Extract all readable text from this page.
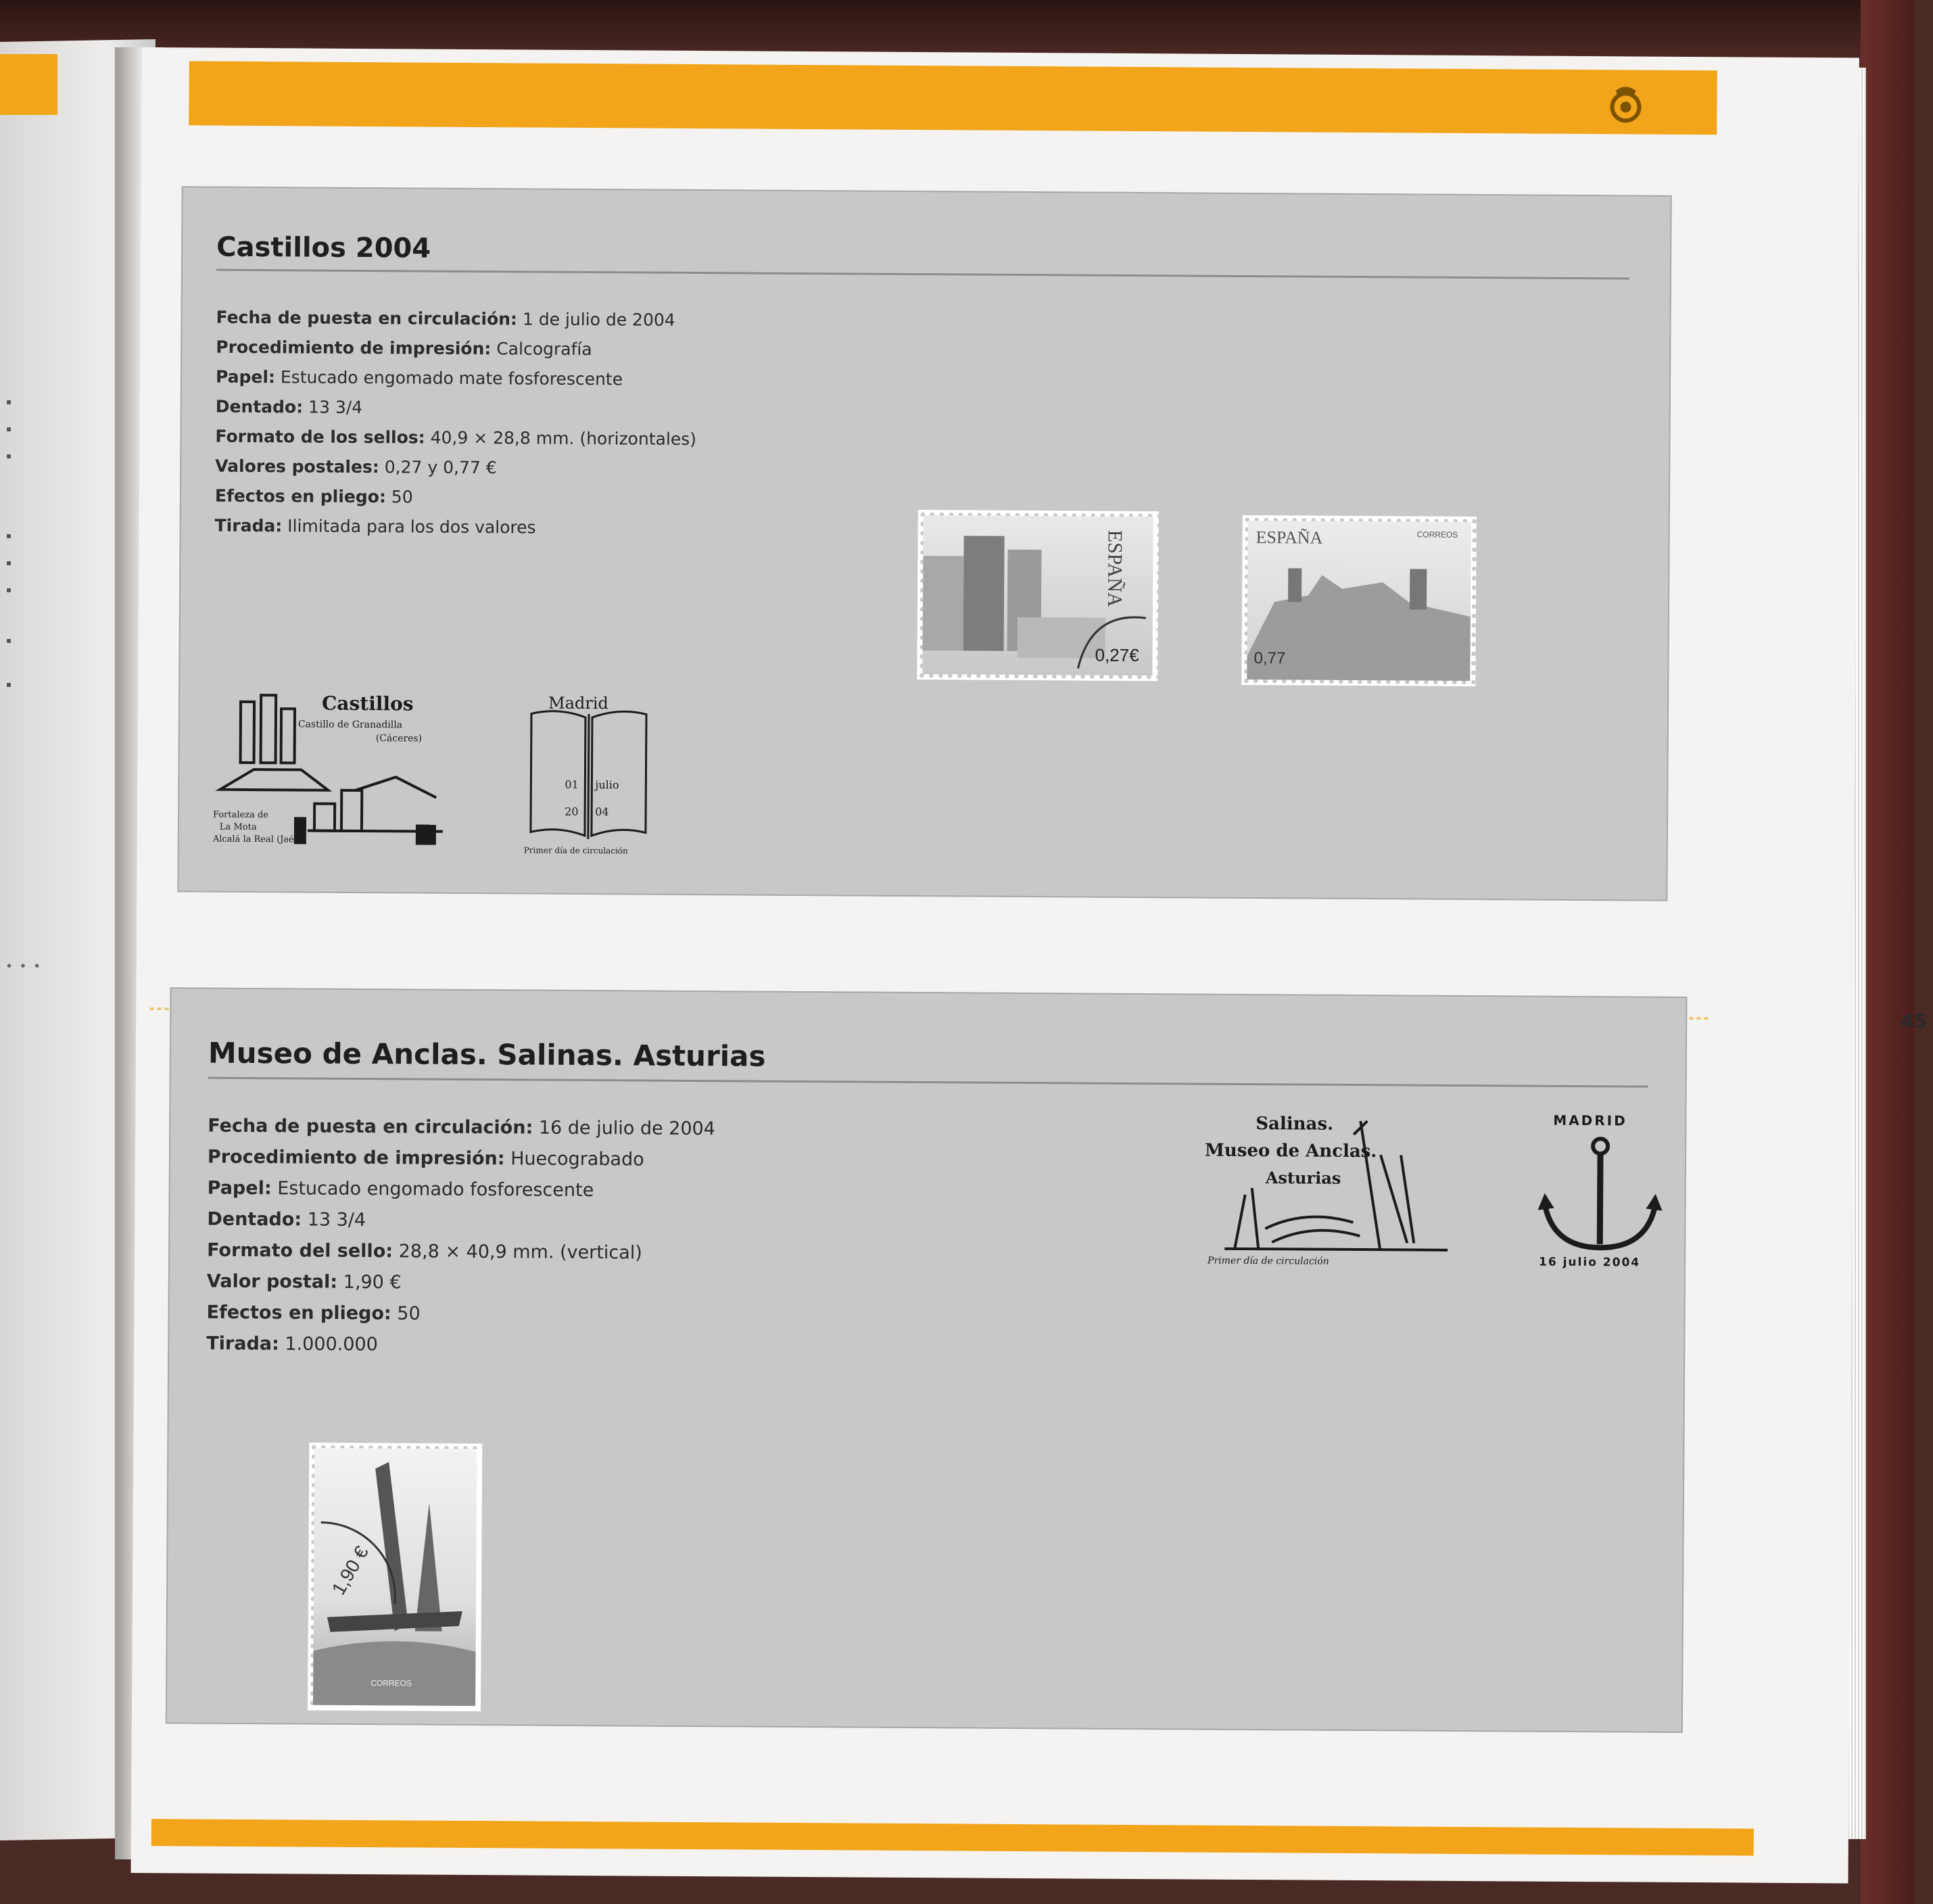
• • •
Castillos 2004
Fecha de puesta en circulación: 1 de julio de 2004
Procedimiento de impresión: Calcografía
Papel: Estucado engomado mate fosforescente
Dentado: 13 3/4
Formato de los sellos: 40,9 × 28,8 mm. (horizontales)
Valores postales: 0,27 y 0,77 €
Efectos en pliego: 50
Tirada: Ilimitada para los dos valores
Castillos
Castillo de Granadilla
(Cáceres)
Fortaleza de
La Mota
Alcalá la Real (Jaén)
Madrid
01 julio
20 04
Primer día de circulación
ESPAÑA
0,27€
ESPAÑA	CORREOS
0,77
45
Museo de Anclas. Salinas. Asturias
Fecha de puesta en circulación: 16 de julio de 2004
Procedimiento de impresión: Huecograbado
Papel: Estucado engomado fosforescente
Dentado: 13 3/4
Formato del sello: 28,8 × 40,9 mm. (vertical)
Valor postal: 1,90 €
Efectos en pliego: 50
Tirada: 1.000.000
Salinas.
Museo de Anclas.
Asturias
Primer día de circulación
MADRID
16 julio 2004
1,90 €
CORREOS
